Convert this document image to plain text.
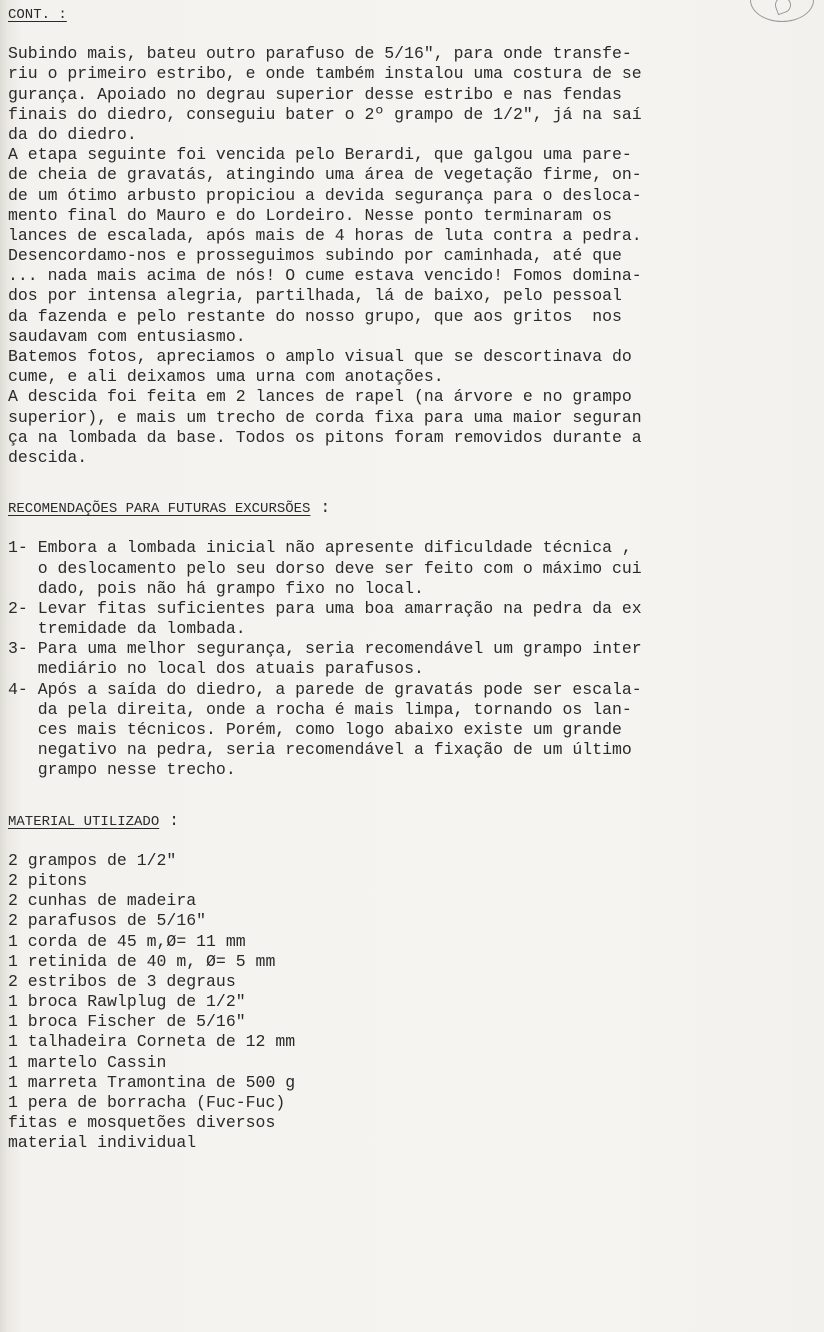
CONT. :
Subindo mais, bateu outro parafuso de 5/16", para onde transfe-
riu o primeiro estribo, e onde também instalou uma costura de se
gurança. Apoiado no degrau superior desse estribo e nas fendas
finais do diedro, conseguiu bater o 2º grampo de 1/2", já na saí
da do diedro.
A etapa seguinte foi vencida pelo Berardi, que galgou uma pare-
de cheia de gravatás, atingindo uma área de vegetação firme, on-
de um ótimo arbusto propiciou a devida segurança para o desloca-
mento final do Mauro e do Lordeiro. Nesse ponto terminaram os
lances de escalada, após mais de 4 horas de luta contra a pedra.
Desencordamo-nos e prosseguimos subindo por caminhada, até que
... nada mais acima de nós! O cume estava vencido! Fomos domina-
dos por intensa alegria, partilhada, lá de baixo, pelo pessoal
da fazenda e pelo restante do nosso grupo, que aos gritos  nos
saudavam com entusiasmo.
Batemos fotos, apreciamos o amplo visual que se descortinava do
cume, e ali deixamos uma urna com anotações.
A descida foi feita em 2 lances de rapel (na árvore e no grampo
superior), e mais um trecho de corda fixa para uma maior seguran
ça na lombada da base. Todos os pitons foram removidos durante a
descida.
RECOMENDAÇÕES PARA FUTURAS EXCURSÕES :
1- Embora a lombada inicial não apresente dificuldade técnica ,
o deslocamento pelo seu dorso deve ser feito com o máximo cui
dado, pois não há grampo fixo no local.
2- Levar fitas suficientes para uma boa amarração na pedra da ex
tremidade da lombada.
3- Para uma melhor segurança, seria recomendável um grampo inter
mediário no local dos atuais parafusos.
4- Após a saída do diedro, a parede de gravatás pode ser escala-
da pela direita, onde a rocha é mais limpa, tornando os lan-
ces mais técnicos. Porém, como logo abaixo existe um grande
negativo na pedra, seria recomendável a fixação de um último
grampo nesse trecho.
MATERIAL UTILIZADO :
2 grampos de 1/2"
2 pitons
2 cunhas de madeira
2 parafusos de 5/16"
1 corda de 45 m,Ø= 11 mm
1 retinida de 40 m, Ø= 5 mm
2 estribos de 3 degraus
1 broca Rawlplug de 1/2"
1 broca Fischer de 5/16"
1 talhadeira Corneta de 12 mm
1 martelo Cassin
1 marreta Tramontina de 500 g
1 pera de borracha (Fuc-Fuc)
fitas e mosquetões diversos
material individual
